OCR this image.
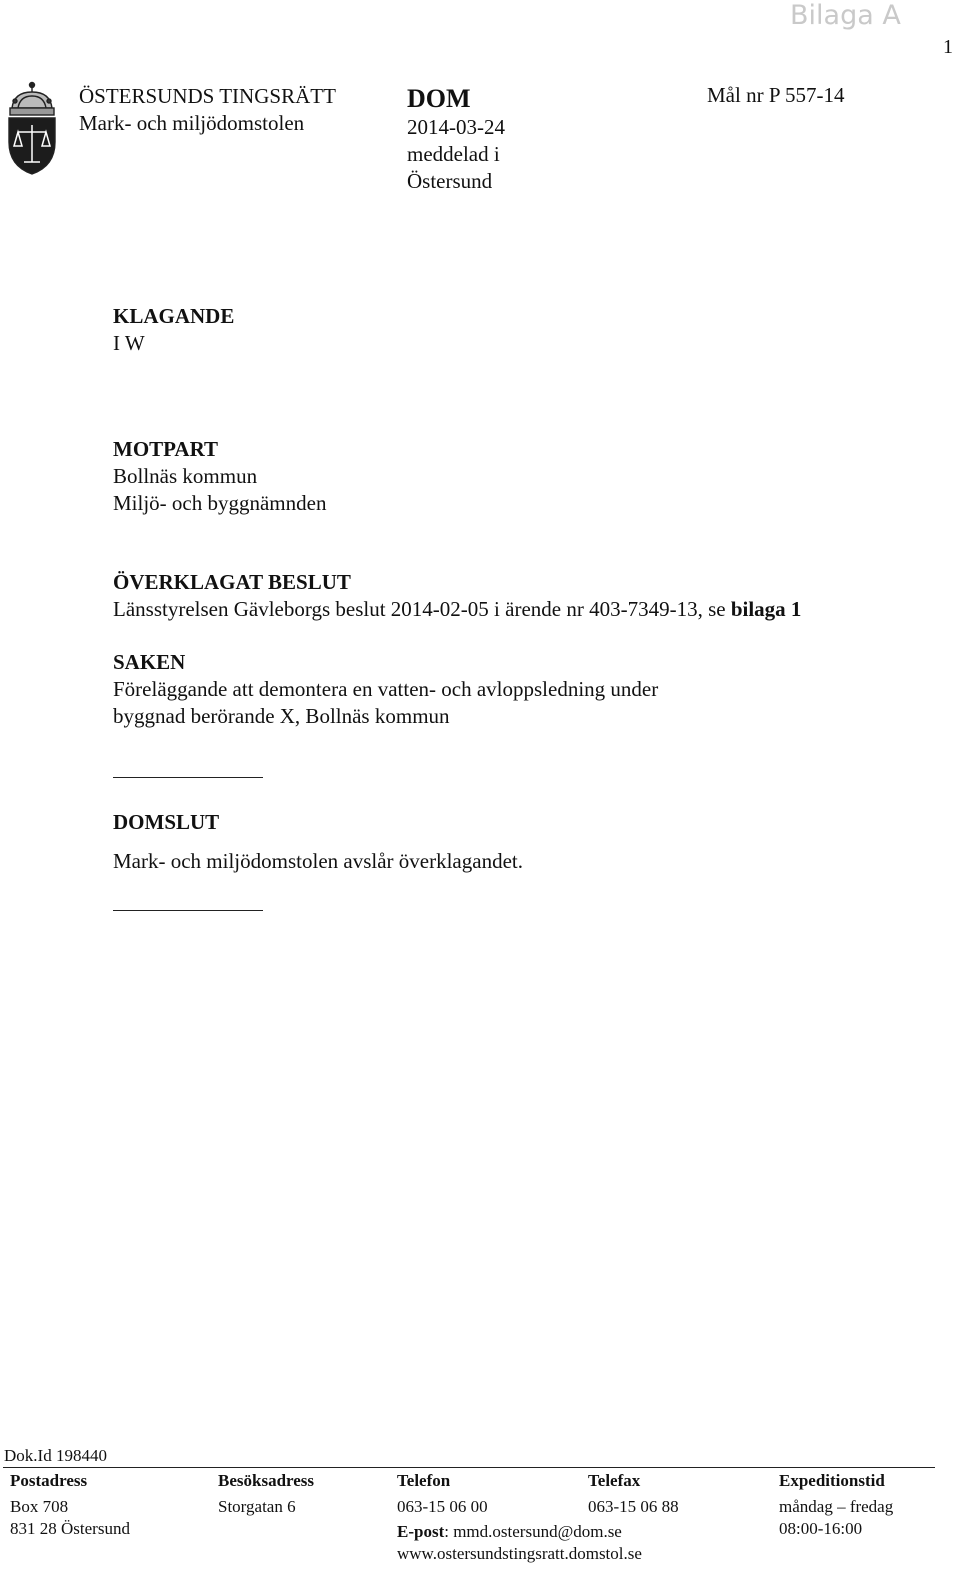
Bilaga A
1
ÖSTERSUNDS TINGSRÄTT
Mark- och miljödomstolen
DOM
2014-03-24
meddelad i
Östersund
Mål nr P 557-14
KLAGANDE
I W
MOTPART
Bollnäs kommun
Miljö- och byggnämnden
ÖVERKLAGAT BESLUT
Länsstyrelsen Gävleborgs beslut 2014-02-05 i ärende nr 403-7349-13, se bilaga 1
SAKEN
Föreläggande att demontera en vatten- och avloppsledning under
byggnad berörande X, Bollnäs kommun
DOMSLUT
Mark- och miljödomstolen avslår överklagandet.
Dok.Id 198440
Postadress
Box 708
831 28 Östersund
Besöksadress
Storgatan 6
Telefon
063-15 06 00
E-post: mmd.ostersund@dom.se
www.ostersundstingsratt.domstol.se
Telefax
063-15 06 88
Expeditionstid
måndag – fredag
08:00-16:00
